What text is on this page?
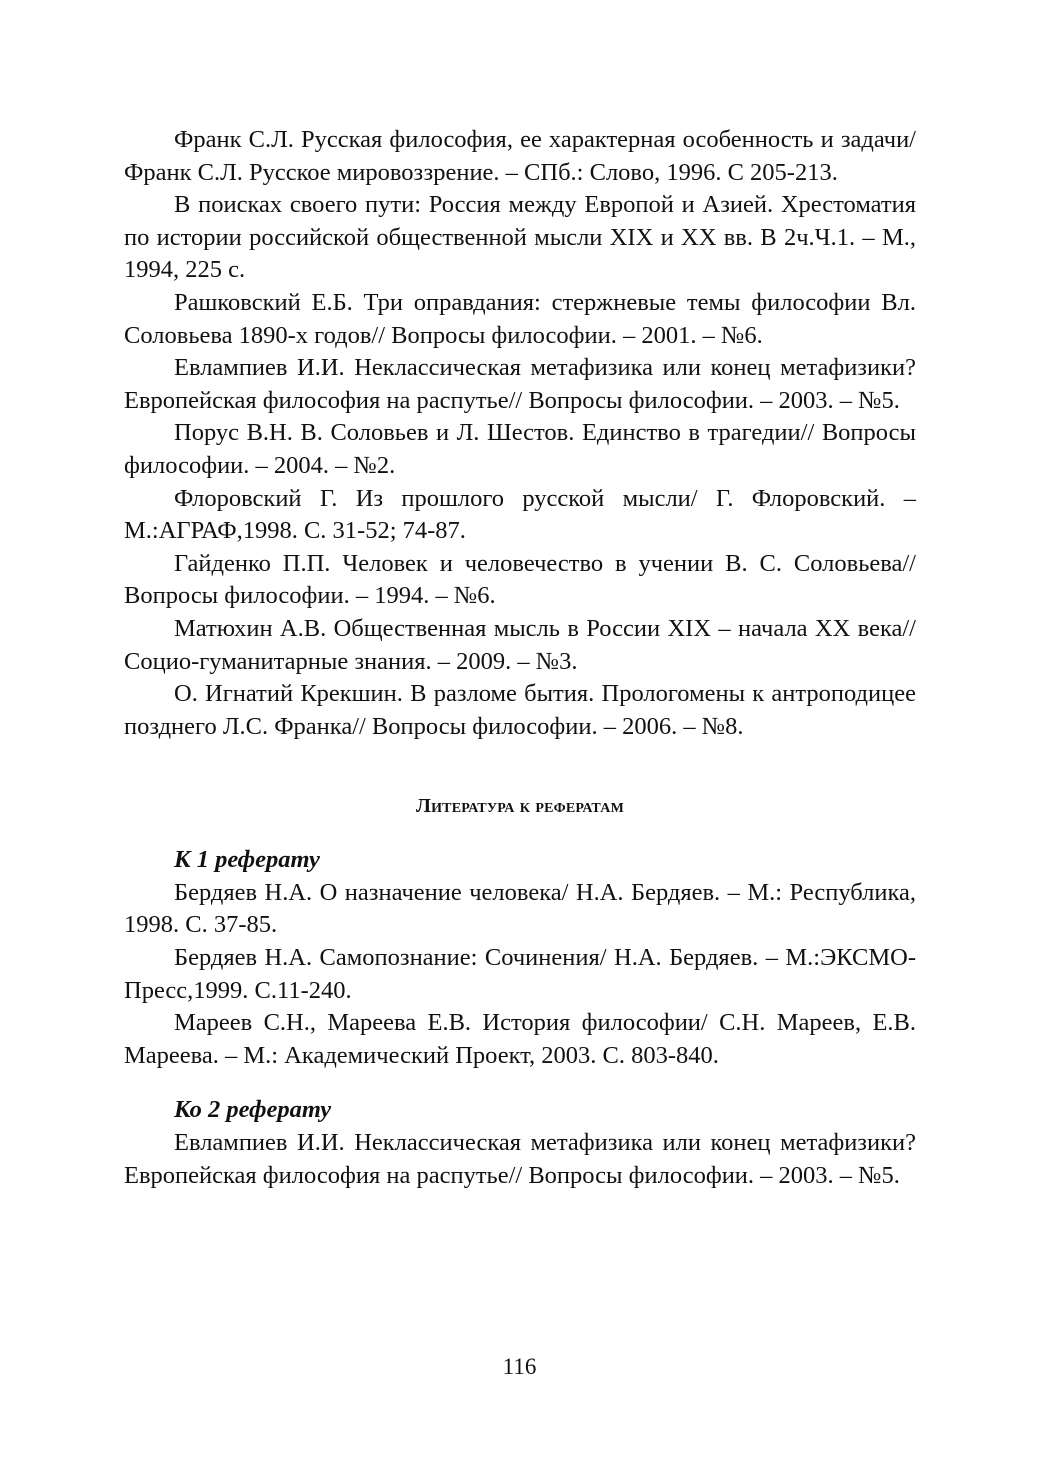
Франк С.Л. Русская философия, ее характерная особенность и задачи/ Франк С.Л. Русское мировоззрение. – СПб.: Слово, 1996. С 205-213.

В поисках своего пути: Россия между Европой и Азией. Хрестоматия по истории российской общественной мысли XIX и XX вв. В 2ч.Ч.1. – М., 1994, 225 с.

Рашковский Е.Б. Три оправдания: стержневые темы философии Вл. Соловьева 1890-х годов// Вопросы философии. – 2001. – №6.

Евлампиев И.И. Неклассическая метафизика или конец метафизики? Европейская философия на распутье// Вопросы философии. – 2003. – №5.

Порус В.Н. В. Соловьев и Л. Шестов. Единство в трагедии// Вопросы философии. – 2004. – №2.

Флоровский Г. Из прошлого русской мысли/ Г. Флоровский. – М.:АГРАФ,1998. С. 31-52; 74-87.

Гайденко П.П. Человек и человечество в учении В. С. Соловьева// Вопросы философии. – 1994. – №6.

Матюхин А.В. Общественная мысль в России XIX – начала XX века// Социо-гуманитарные знания. – 2009. – №3.

О. Игнатий Крекшин. В разломе бытия. Прологомены к антроподицее позднего Л.С. Франка// Вопросы философии. – 2006. – №8.

Литература к рефератам
К 1 реферату

Бердяев Н.А. О назначение человека/ Н.А. Бердяев. – М.: Республика, 1998. С. 37-85.

Бердяев Н.А. Самопознание: Сочинения/ Н.А. Бердяев. – М.:ЭКСМО-Пресс,1999. С.11-240.

Мареев С.Н., Мареева Е.В. История философии/ С.Н. Мареев, Е.В. Мареева. – М.: Академический Проект, 2003. С. 803-840.

Ко 2 реферату

Евлампиев И.И. Неклассическая метафизика или конец метафизики? Европейская философия на распутье// Вопросы философии. – 2003. – №5.

116
